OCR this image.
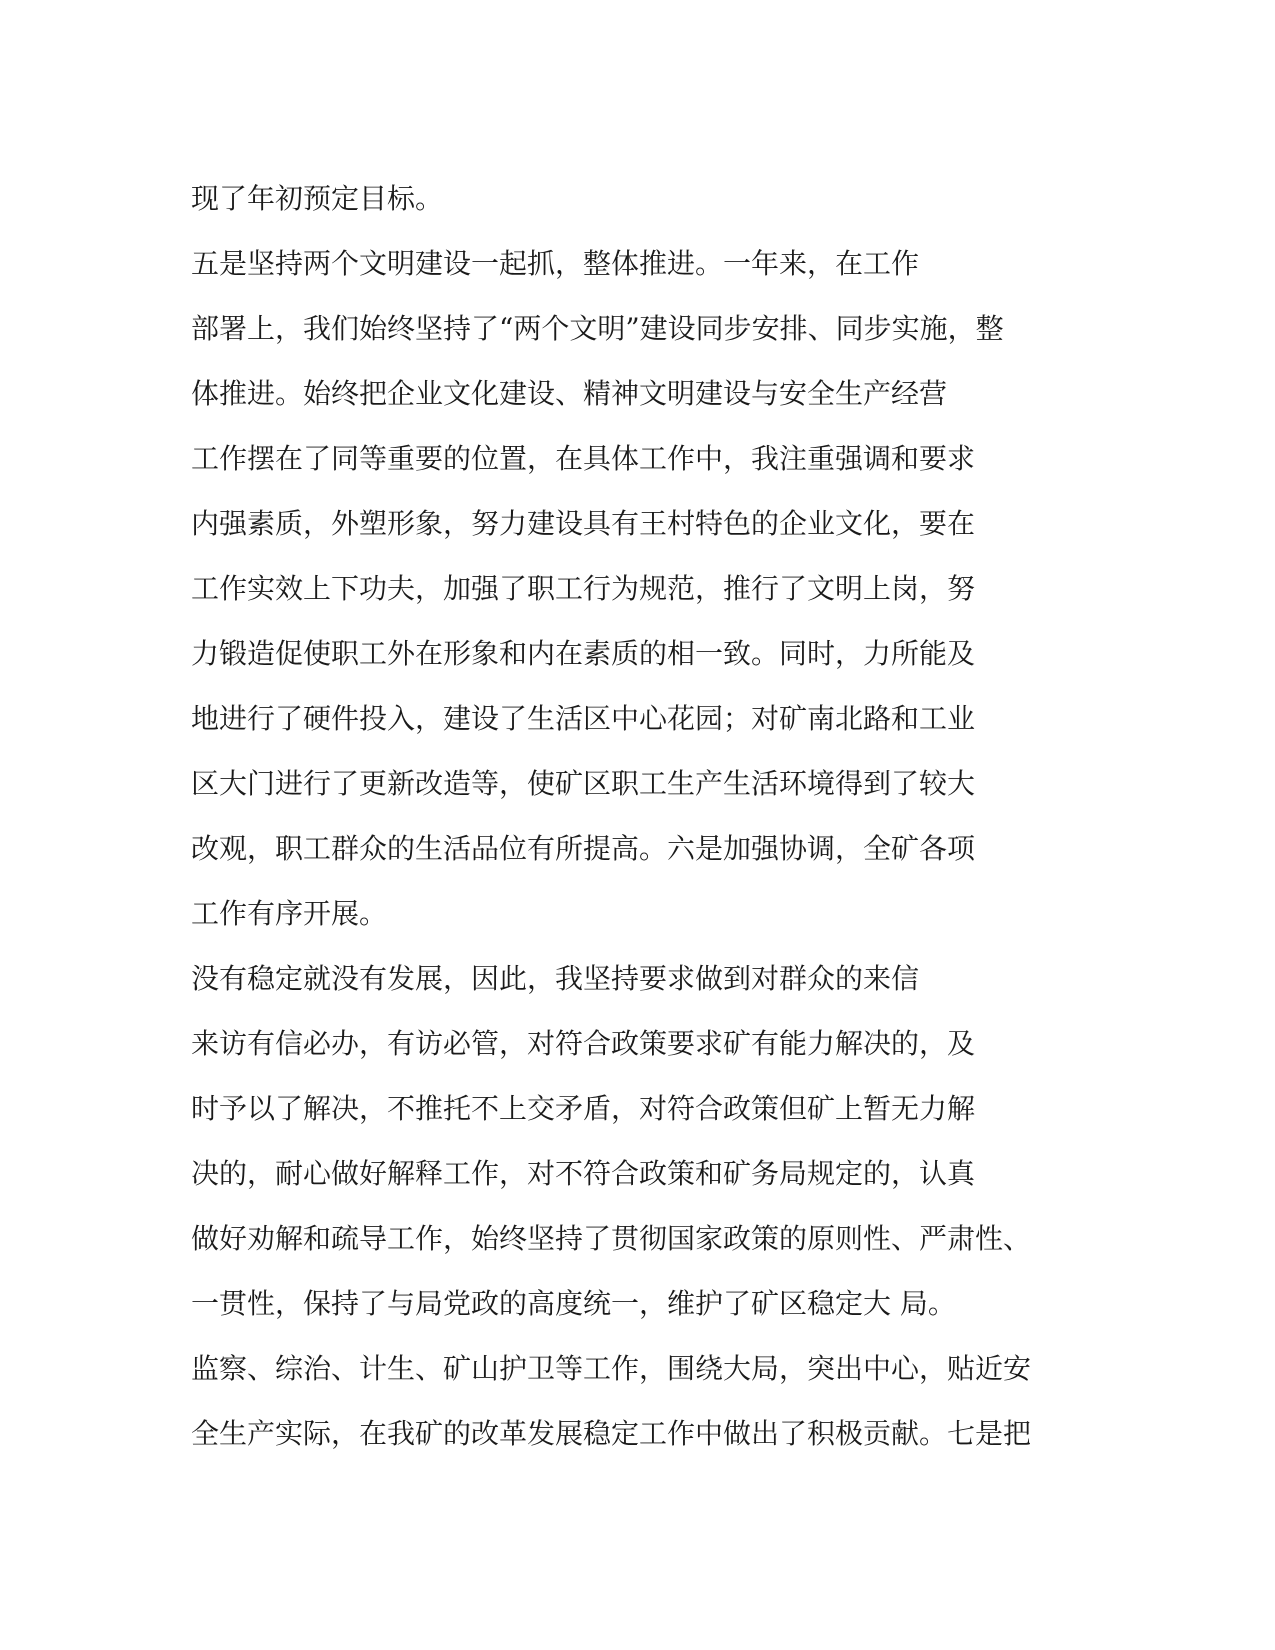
现了年初预定目标。
五是坚持两个文明建设一起抓，整体推进。一年来，在工作
部署上，我们始终坚持了“两个文明”建设同步安排、同步实施，整
体推进。始终把企业文化建设、精神文明建设与安全生产经营
工作摆在了同等重要的位置，在具体工作中，我注重强调和要求
内强素质，外塑形象，努力建设具有王村特色的企业文化，要在
工作实效上下功夫，加强了职工行为规范，推行了文明上岗，努
力锻造促使职工外在形象和内在素质的相一致。同时，力所能及
地进行了硬件投入，建设了生活区中心花园；对矿南北路和工业
区大门进行了更新改造等，使矿区职工生产生活环境得到了较大
改观，职工群众的生活品位有所提高。六是加强协调，全矿各项
工作有序开展。
没有稳定就没有发展，因此，我坚持要求做到对群众的来信
来访有信必办，有访必管，对符合政策要求矿有能力解决的，及
时予以了解决，不推托不上交矛盾，对符合政策但矿上暂无力解
决的，耐心做好解释工作，对不符合政策和矿务局规定的，认真
做好劝解和疏导工作，始终坚持了贯彻国家政策的原则性、严肃性、
一贯性，保持了与局党政的高度统一，维护了矿区稳定大 局。
监察、综治、计生、矿山护卫等工作，围绕大局，突出中心，贴近安
全生产实际，在我矿的改革发展稳定工作中做出了积极贡献。七是把
